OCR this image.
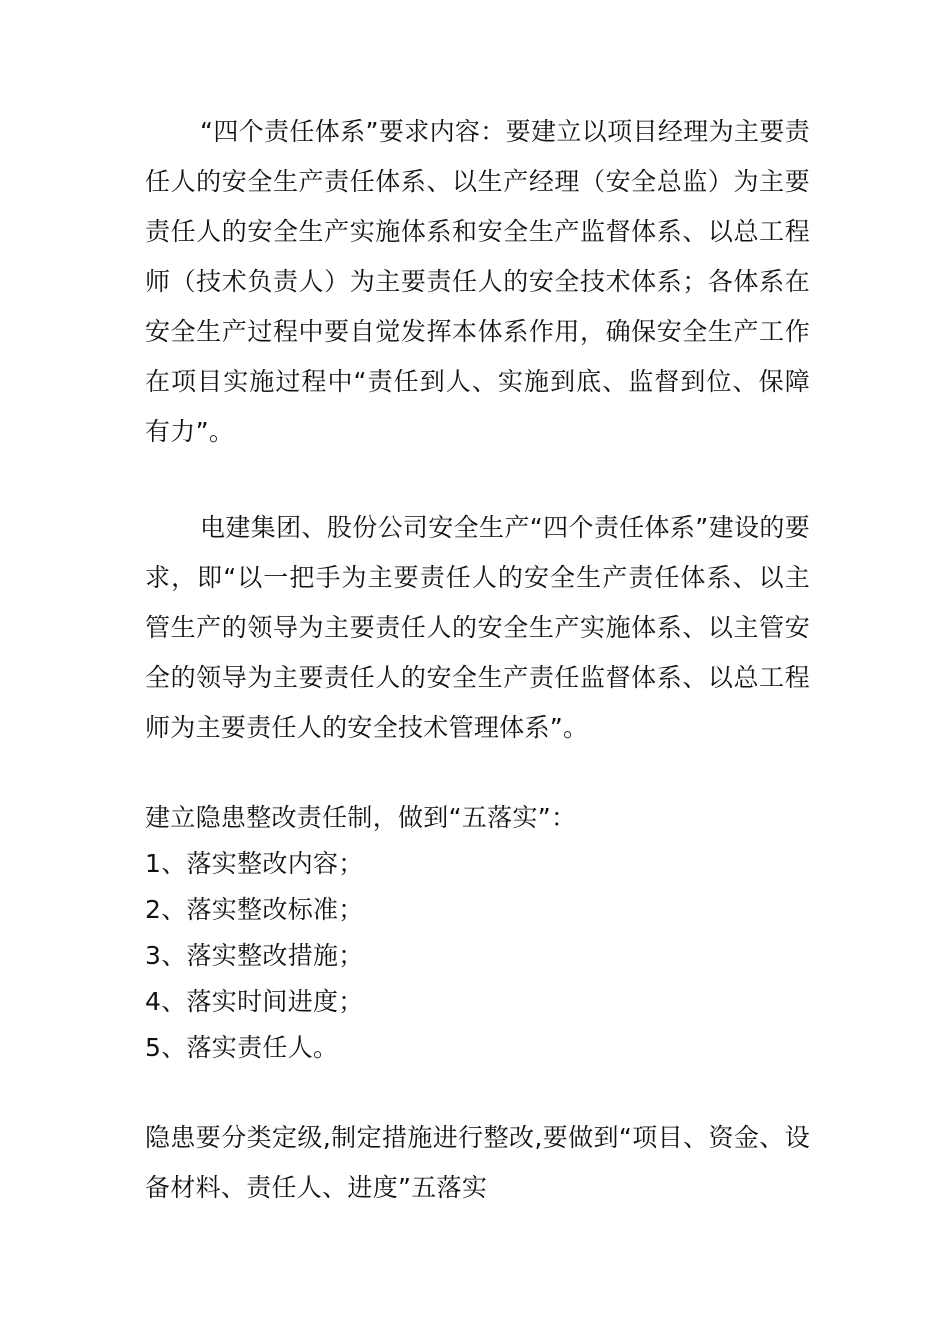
“四个责任体系”要求内容：要建立以项目经理为主要责任人的安全生产责任体系、以生产经理（安全总监）为主要责任人的安全生产实施体系和安全生产监督体系、以总工程师（技术负责人）为主要责任人的安全技术体系；各体系在安全生产过程中要自觉发挥本体系作用，确保安全生产工作在项目实施过程中“责任到人、实施到底、监督到位、保障有力”。

电建集团、股份公司安全生产“四个责任体系”建设的要求，即“以一把手为主要责任人的安全生产责任体系、以主管生产的领导为主要责任人的安全生产实施体系、以主管安全的领导为主要责任人的安全生产责任监督体系、以总工程师为主要责任人的安全技术管理体系”。

建立隐患整改责任制，做到“五落实”：

1、落实整改内容；
2、落实整改标准；
3、落实整改措施；
4、落实时间进度；
5、落实责任人。

隐患要分类定级,制定措施进行整改,要做到“项目、资金、设备材料、责任人、进度”五落实
